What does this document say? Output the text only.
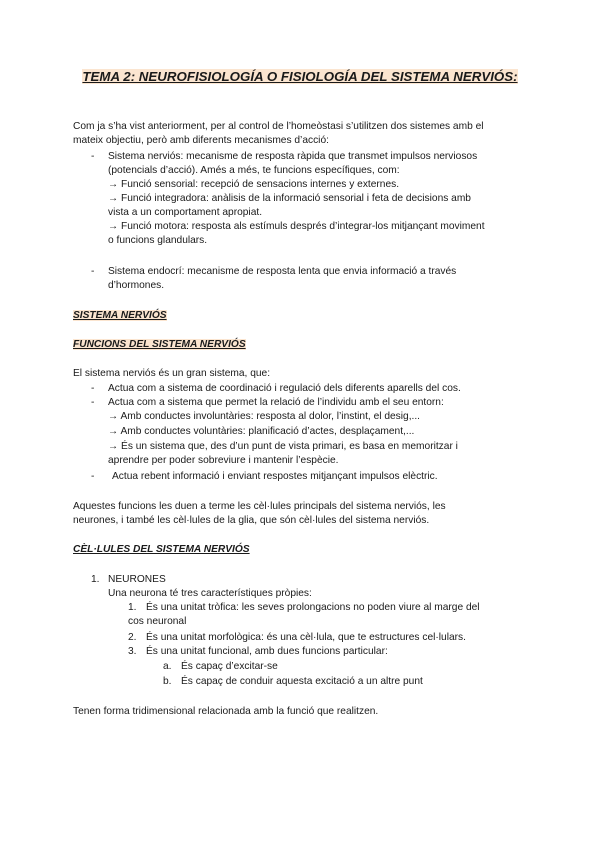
TEMA 2: NEUROFISIOLOGÍA O FISIOLOGÍA DEL SISTEMA NERVIÓS:
Com ja s’ha vist anteriorment, per al control de l’homeòstasi s’utilitzen dos sistemes amb el
mateix objectiu, però amb diferents mecanismes d’acció:
- Sistema nerviós: mecanisme de resposta ràpida que transmet impulsos nerviosos
(potencials d’acció). Amés a més, te funcions específiques, com:
→ Funció sensorial: recepció de sensacions internes y externes.
→ Funció integradora: anàlisis de la informació sensorial i feta de decisions amb
vista a un comportament apropiat.
→ Funció motora: resposta als estímuls després d’integrar-los mitjançant moviment
o funcions glandulars.
- Sistema endocrí: mecanisme de resposta lenta que envia informació a través
d’hormones.
SISTEMA NERVIÓS
FUNCIONS DEL SISTEMA NERVIÓS
El sistema nerviós és un gran sistema, que:
- Actua com a sistema de coordinació i regulació dels diferents aparells del cos.
- Actua com a sistema que permet la relació de l’individu amb el seu entorn:
→ Amb conductes involuntàries: resposta al dolor, l’instint, el desig,...
→ Amb conductes voluntàries: planificació d’actes, desplaçament,...
→ És un sistema que, des d’un punt de vista primari, es basa en memoritzar i
aprendre per poder sobreviure i mantenir l’espècie.
- Actua rebent informació i enviant respostes mitjançant impulsos elèctric.
Aquestes funcions les duen a terme les cèl·lules principals del sistema nerviós, les
neurones, i també les cèl·lules de la glia, que són cèl·lules del sistema nerviós.
CÈL·LULES DEL SISTEMA NERVIÓS
1. NEURONES
Una neurona té tres característiques pròpies:
1. És una unitat tròfica: les seves prolongacions no poden viure al marge del
cos neuronal
2. És una unitat morfològica: és una cèl·lula, que te estructures cel·lulars.
3. És una unitat funcional, amb dues funcions particular:
a. És capaç d’excitar-se
b. És capaç de conduir aquesta excitació a un altre punt
Tenen forma tridimensional relacionada amb la funció que realitzen.
